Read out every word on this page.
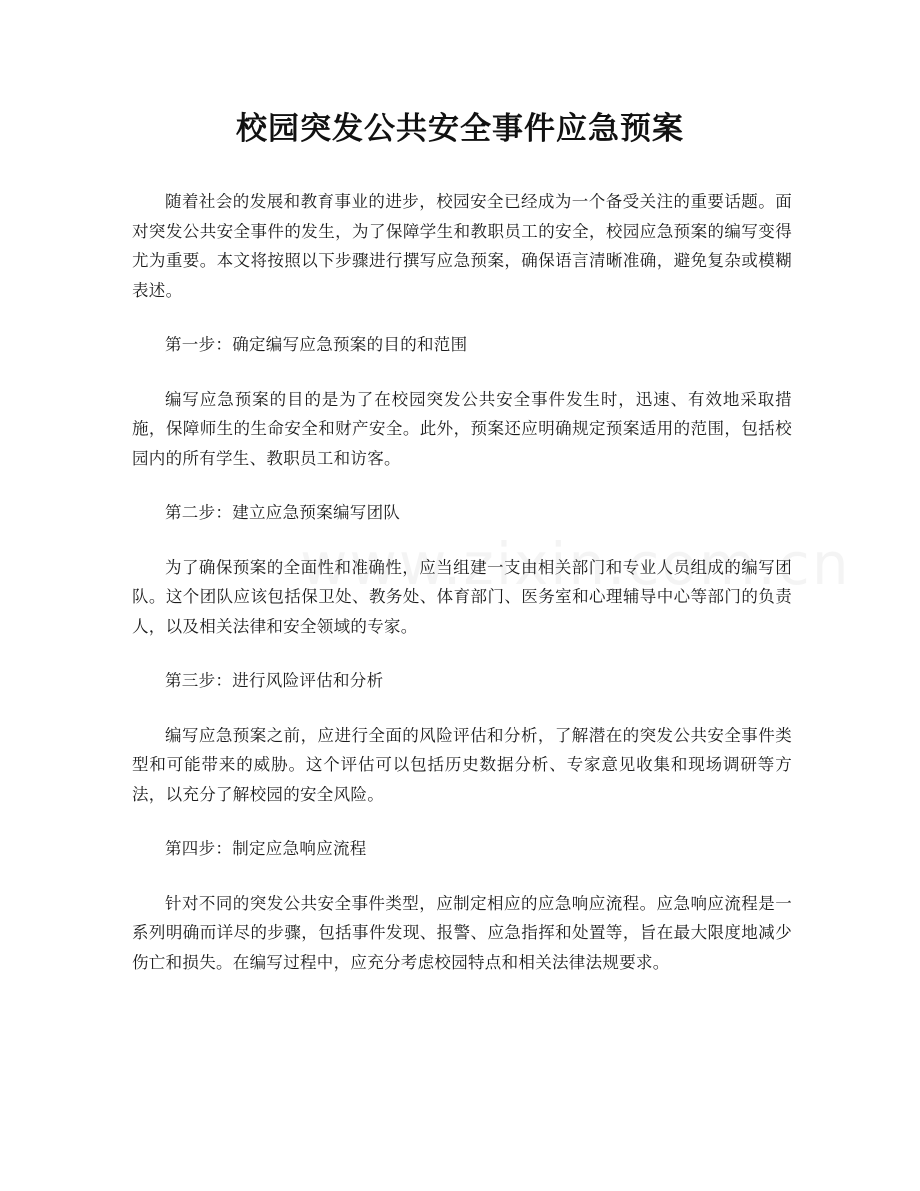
校园突发公共安全事件应急预案

随着社会的发展和教育事业的进步，校园安全已经成为一个备受关注的重要话题。面对突发公共安全事件的发生，为了保障学生和教职员工的安全，校园应急预案的编写变得尤为重要。本文将按照以下步骤进行撰写应急预案，确保语言清晰准确，避免复杂或模糊表述。

第一步：确定编写应急预案的目的和范围

编写应急预案的目的是为了在校园突发公共安全事件发生时，迅速、有效地采取措施，保障师生的生命安全和财产安全。此外，预案还应明确规定预案适用的范围，包括校园内的所有学生、教职员工和访客。

第二步：建立应急预案编写团队

为了确保预案的全面性和准确性，应当组建一支由相关部门和专业人员组成的编写团队。这个团队应该包括保卫处、教务处、体育部门、医务室和心理辅导中心等部门的负责人，以及相关法律和安全领域的专家。

第三步：进行风险评估和分析

编写应急预案之前，应进行全面的风险评估和分析，了解潜在的突发公共安全事件类型和可能带来的威胁。这个评估可以包括历史数据分析、专家意见收集和现场调研等方法，以充分了解校园的安全风险。

第四步：制定应急响应流程

针对不同的突发公共安全事件类型，应制定相应的应急响应流程。应急响应流程是一系列明确而详尽的步骤，包括事件发现、报警、应急指挥和处置等，旨在最大限度地减少伤亡和损失。在编写过程中，应充分考虑校园特点和相关法律法规要求。
